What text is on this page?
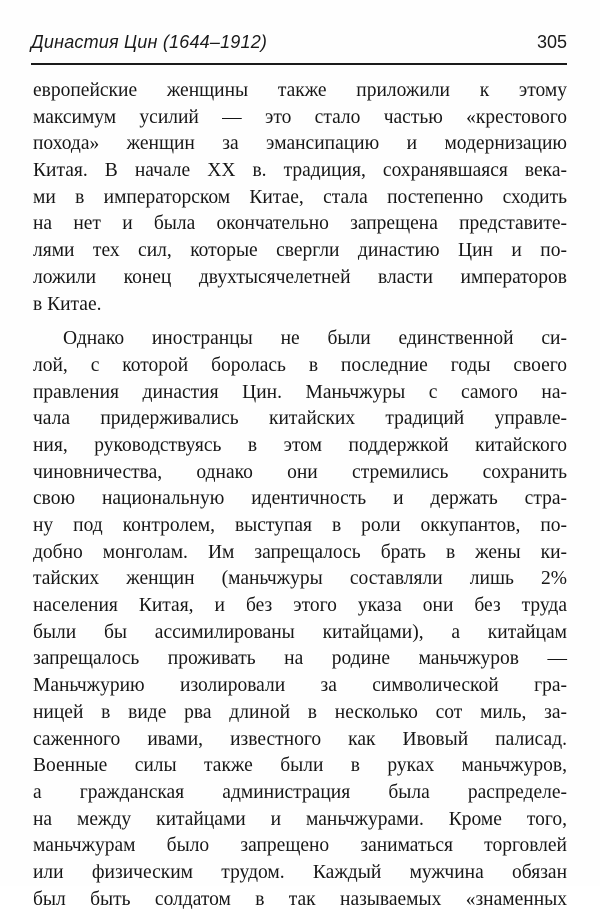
Династия Цин (1644–1912)	305
европейские женщины также приложили к этому
максимум усилий — это стало частью «крестового
похода» женщин за эмансипацию и модернизацию
Китая. В начале XX в. традиция, сохранявшаяся века-
ми в императорском Китае, стала постепенно сходить
на нет и была окончательно запрещена представите-
лями тех сил, которые свергли династию Цин и по-
ложили конец двухтысячелетней власти императоров
в Китае.
Однако иностранцы не были единственной си-
лой, с которой боролась в последние годы своего
правления династия Цин. Маньчжуры с самого на-
чала придерживались китайских традиций управле-
ния, руководствуясь в этом поддержкой китайского
чиновничества, однако они стремились сохранить
свою национальную идентичность и держать стра-
ну под контролем, выступая в роли оккупантов, по-
добно монголам. Им запрещалось брать в жены ки-
тайских женщин (маньчжуры составляли лишь 2%
населения Китая, и без этого указа они без труда
были бы ассимилированы китайцами), а китайцам
запрещалось проживать на родине маньчжуров —
Маньчжурию изолировали за символической гра-
ницей в виде рва длиной в несколько сот миль, за-
саженного ивами, известного как Ивовый палисад.
Военные силы также были в руках маньчжуров,
а гражданская администрация была распределе-
на между китайцами и маньчжурами. Кроме того,
маньчжурам было запрещено заниматься торговлей
или физическим трудом. Каждый мужчина обязан
был быть солдатом в так называемых «знаменных
